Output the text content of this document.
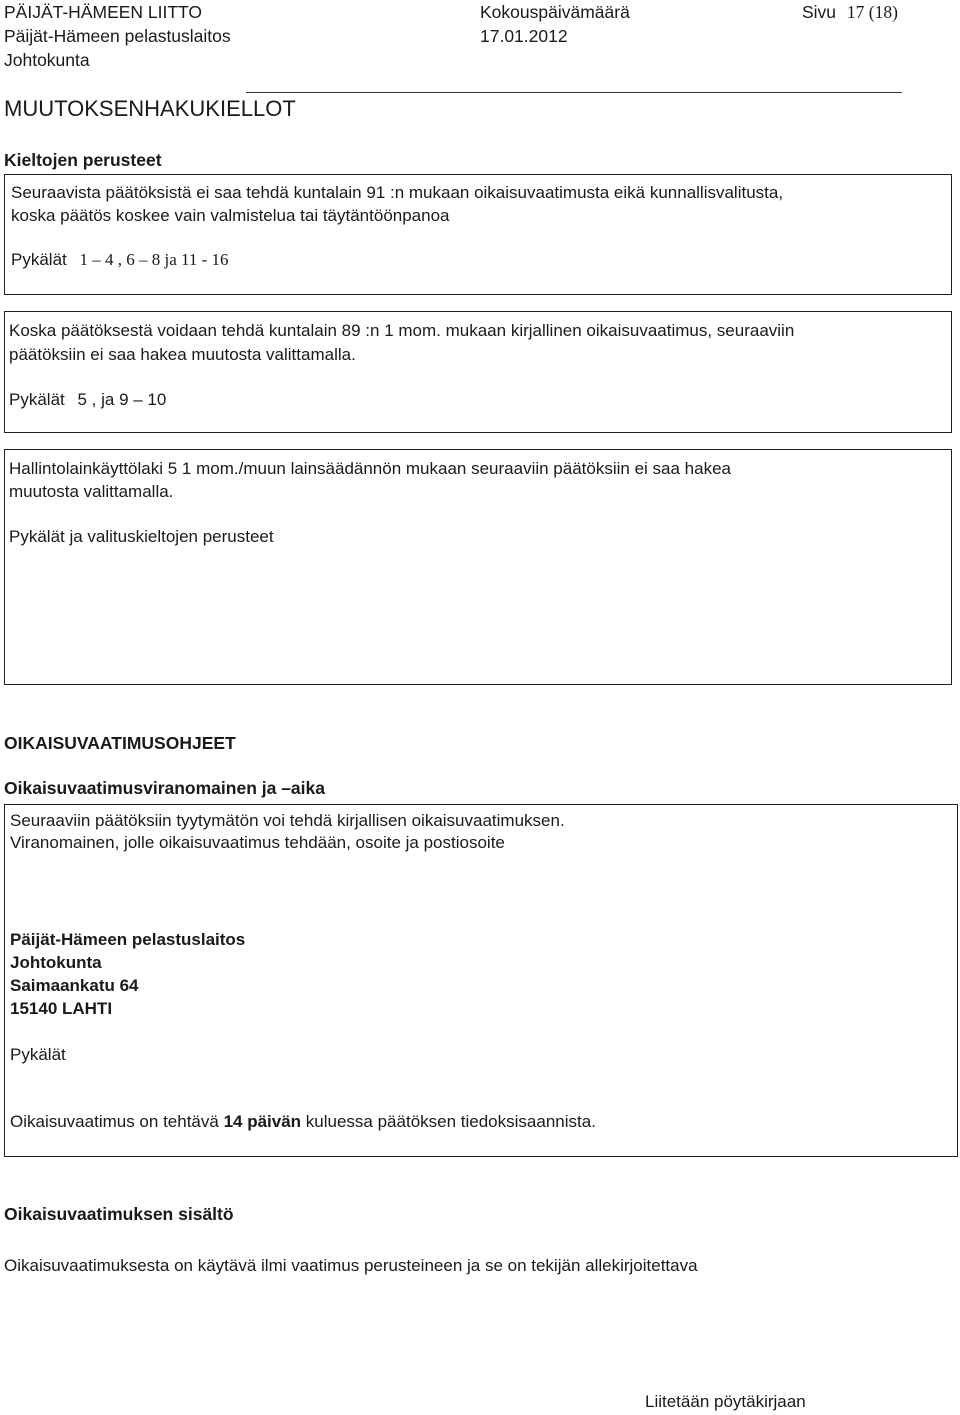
PÄIJÄT-HÄMEEN LIITTO
Päijät-Hämeen pelastuslaitos
Johtokunta
Kokouspäivämäärä
17.01.2012
Sivu 17 (18)
MUUTOKSENHAKUKIELLOT
Kieltojen perusteet
Seuraavista päätöksistä ei saa tehdä kuntalain 91 :n mukaan oikaisuvaatimusta eikä kunnallisvalitusta,
koska päätös koskee vain valmistelua tai täytäntöönpanoa
Pykälät 1 – 4 , 6 – 8 ja 11 - 16
Koska päätöksestä voidaan tehdä kuntalain 89 :n 1 mom. mukaan kirjallinen oikaisuvaatimus, seuraaviin
päätöksiin ei saa hakea muutosta valittamalla.
Pykälät 5 , ja 9 – 10
Hallintolainkäyttölaki 5 1 mom./muun lainsäädännön mukaan seuraaviin päätöksiin ei saa hakea
muutosta valittamalla.
Pykälät ja valituskieltojen perusteet
OIKAISUVAATIMUSOHJEET
Oikaisuvaatimusviranomainen ja –aika
Seuraaviin päätöksiin tyytymätön voi tehdä kirjallisen oikaisuvaatimuksen.
Viranomainen, jolle oikaisuvaatimus tehdään, osoite ja postiosoite
Päijät-Hämeen pelastuslaitos
Johtokunta
Saimaankatu 64
15140 LAHTI
Pykälät
Oikaisuvaatimus on tehtävä 14 päivän kuluessa päätöksen tiedoksisaannista.
Oikaisuvaatimuksen sisältö
Oikaisuvaatimuksesta on käytävä ilmi vaatimus perusteineen ja se on tekijän allekirjoitettava
Liitetään pöytäkirjaan
